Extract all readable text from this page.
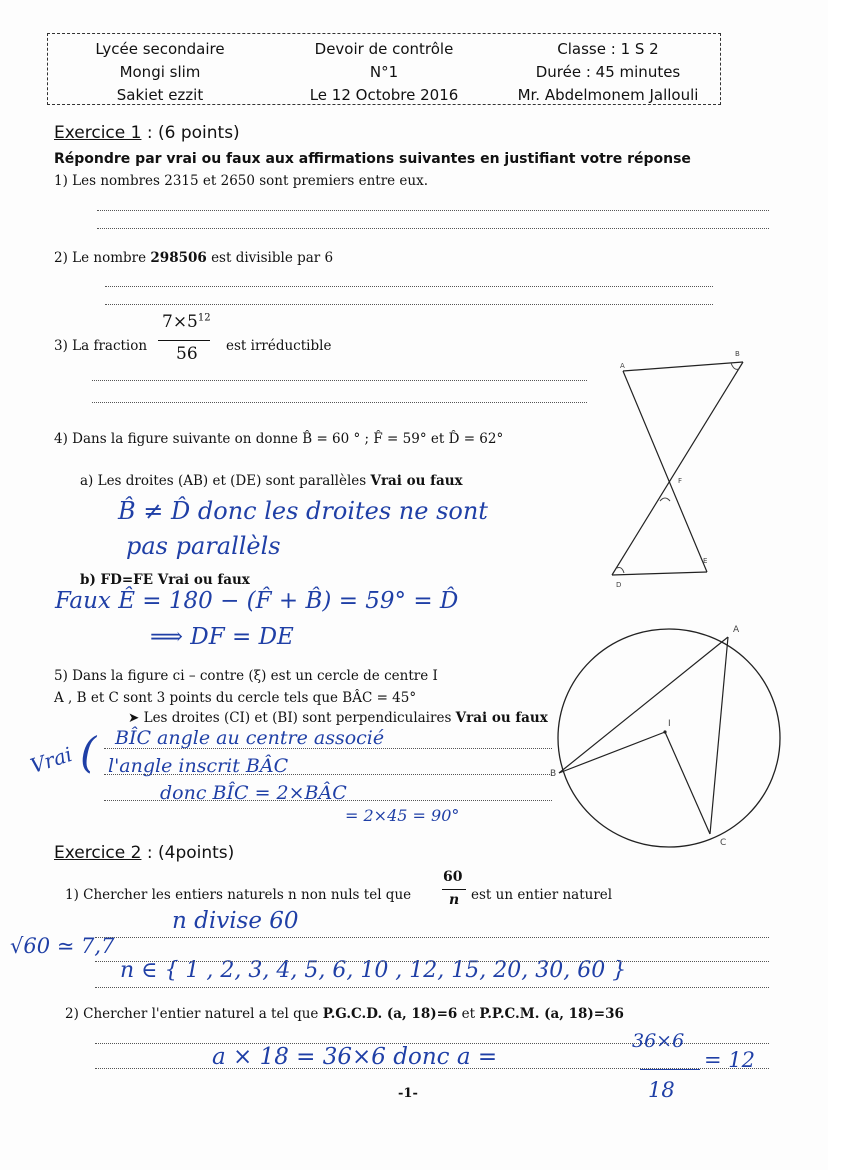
Lycée secondaire
Mongi slim
Sakiet ezzit
Devoir de contrôle
N°1
Le 12 Octobre 2016
Classe : 1 S 2
Durée : 45 minutes
Mr. Abdelmonem Jallouli
Exercice 1 : (6 points)
Répondre par vrai ou faux aux affirmations suivantes en justifiant votre réponse
1) Les nombres 2315 et 2650 sont premiers entre eux.
2) Le nombre 298506 est divisible par 6
3) La fraction
$7\times 5^{12}$
56 est irréductible
4) Dans la figure suivante on donne B̂ = 60 ° ; F̂ = 59° et D̂ = 62°
a) Les droites (AB) et (DE) sont parallèles Vrai ou faux
B̂ ≠ D̂ donc les droites ne sont
pas parallèls
b) FD=FE Vrai ou faux
Faux Ê = 180 − (F̂ + B̂) = 59° = D̂
⟹ DF = DE
5) Dans la figure ci – contre (ξ) est un cercle de centre I
A , B et C sont 3 points du cercle tels que BÂC = 45°
➤ Les droites (CI) et (BI) sont perpendiculaires Vrai ou faux
Vrai ( BÎC angle au centre associé
l'angle inscrit BÂC
donc BÎC = 2×BÂC
= 2×45 = 90°
A
B
F
D
E
A
B
C
I
Exercice 2 : (4points)
1) Chercher les entiers naturels n non nuls tel que
60
n est un entier naturel
n divise 60
√60 ≃ 7,7
n ∈ { 1 , 2, 3, 4, 5, 6, 10 , 12, 15, 20, 30, 60 }
2) Chercher l'entier naturel a tel que P.G.C.D. (a, 18)=6 et P.P.C.M. (a, 18)=36
a × 18 = 36×6 donc a =
36×6
18
= 12
-1-
